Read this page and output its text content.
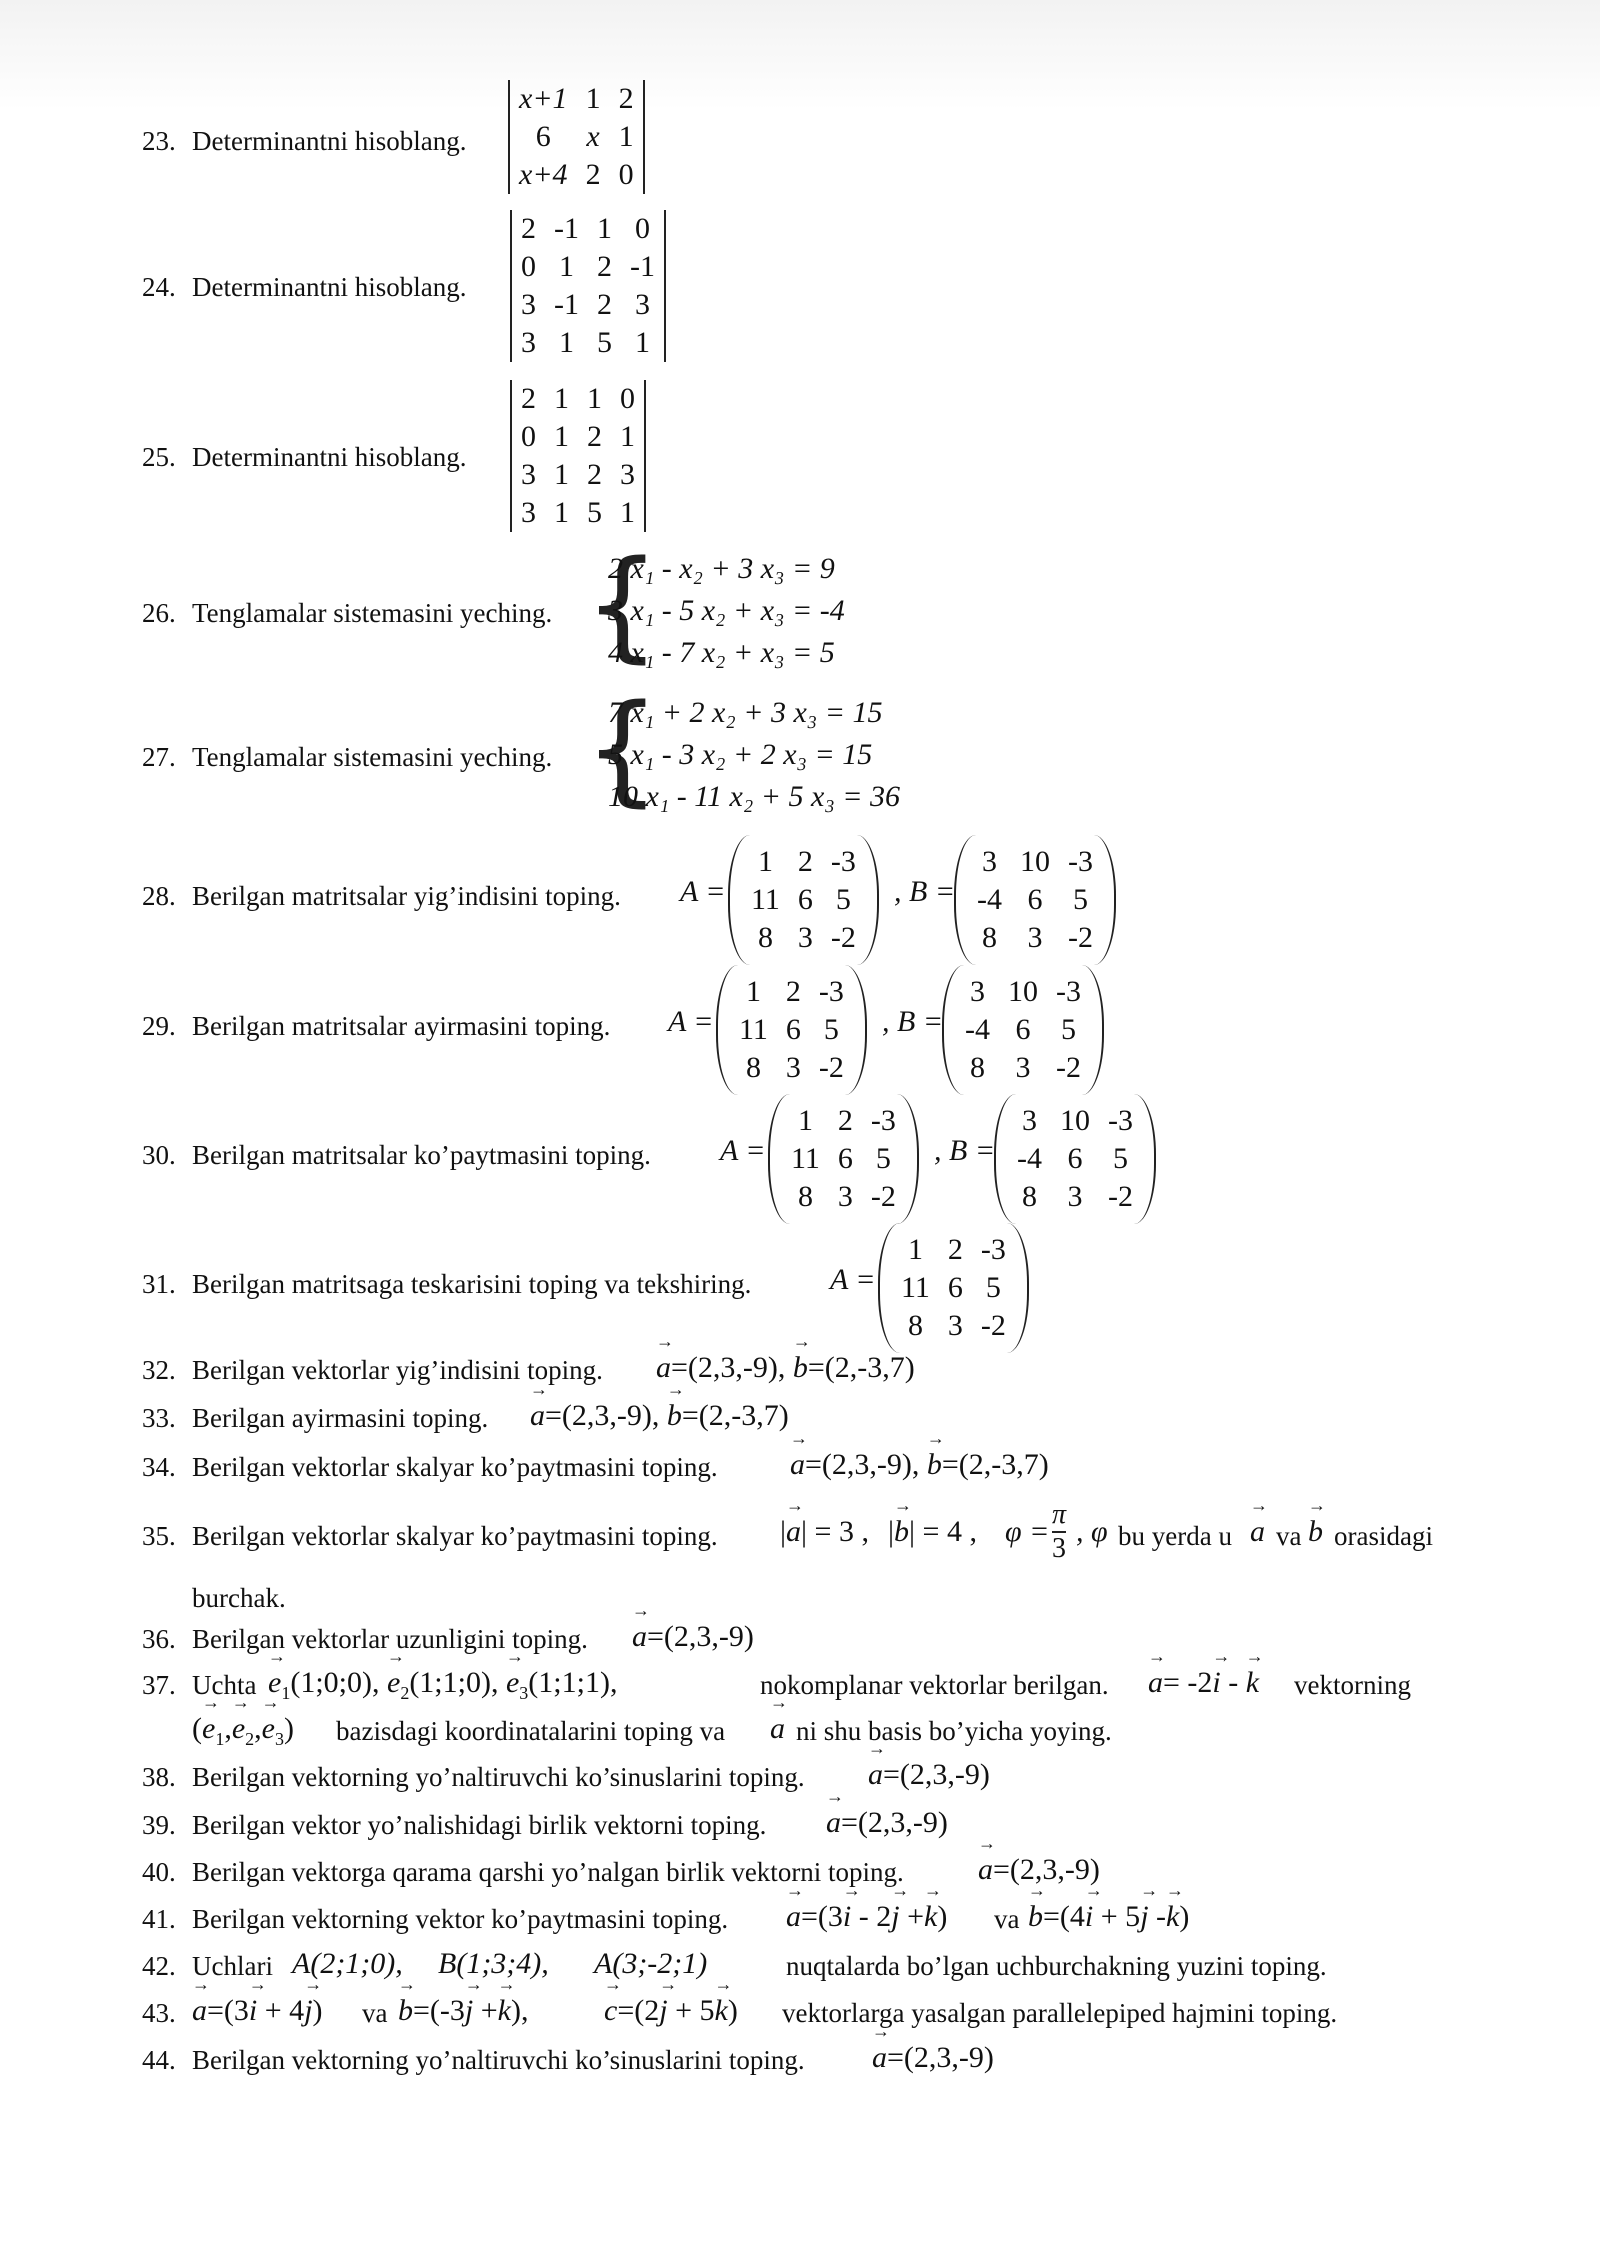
23. Determinantni hisoblang.
x+1	1	2
6	x	1
x+4	2	0
24. Determinantni hisoblang.
2	-1	1	0
0	1	2	-1
3	-1	2	3
3	1	5	1
25. Determinantni hisoblang.
2	1	1	0
0	1	2	1
3	1	2	3
3	1	5	1
26. Tenglamalar sistemasini yeching. {
2 x₁ - x₂ + 3 x₃ = 9
3 x₁ - 5 x₂ + x₃ = -4
4 x₁ - 7 x₂ + x₃ = 5
27. Tenglamalar sistemasini yeching. {
7 x₁ + 2 x₂ + 3 x₃ = 15
5 x₁ - 3 x₂ + 2 x₃ = 15
10 x₁ - 11 x₂ + 5 x₃ = 36
28. Berilgan matritsalar yig’indisini toping. A =
1	2	-3
11	6	5
8	3	-2
, B =
3	10	-3
-4	6	5
8	3	-2
29. Berilgan matritsalar ayirmasini toping. A =
1	2	-3
11	6	5
8	3	-2
, B =
3	10	-3
-4	6	5
8	3	-2
30. Berilgan matritsalar ko’paytmasini toping. A =
1	2	-3
11	6	5
8	3	-2
, B =
3	10	-3
-4	6	5
8	3	-2
31. Berilgan matritsaga teskarisini toping va tekshiring.	A =
1	2	-3
11	6	5
8	3	-2
32. Berilgan vektorlar yig’indisini toping. → a=(2,3,-9), → b=(2,-3,7)
33. Berilgan ayirmasini toping. → a=(2,3,-9), → b=(2,-3,7)
34. Berilgan vektorlar skalyar ko’paytmasini toping. → a=(2,3,-9), → b=(2,-3,7)
35. Berilgan vektorlar skalyar ko’paytmasini toping. |→ a| = 3 , |→ b| = 4 , $\varphi = \frac{\pi}{3}$ , φ bu yerda u → a va → b orasidagi
burchak.
36. Berilgan vektorlar uzunligini toping. → a=(2,3,-9)
37. Uchta → $e_1(1;0;0)$, → $e_2(1;1;0)$, → $e_3(1;1;1)$,	nokomplanar vektorlar berilgan. → a= -2→ i - → k vektorning
(→ $e_1,\to e_2,\to e_3$) bazisdagi koordinatalarini toping va → a ni shu basis bo’yicha yoying.
38. Berilgan vektorning yo’naltiruvchi ko’sinuslarini toping. → a=(2,3,-9)
39. Berilgan vektor yo’nalishidagi birlik vektorni toping. → a=(2,3,-9)
40. Berilgan vektorga qarama qarshi yo’nalgan birlik vektorni toping. → a=(2,3,-9)
41. Berilgan vektorning vektor ko’paytmasini toping. → a=(3→ i - 2→ j +→ k) va → b=(4→ i + 5→ j -→ k)
42. Uchlari A(2;1;0), B(1;3;4), A(3;-2;1)	nuqtalarda bo’lgan uchburchakning yuzini toping.
43. → a=(3→ i + 4→ j) va → b=(-3→ j +→ k),	→ c=(2→ j + 5→ k) vektorlarga yasalgan parallelepiped hajmini toping.
44. Berilgan vektorning yo’naltiruvchi ko’sinuslarini toping. → a=(2,3,-9)
